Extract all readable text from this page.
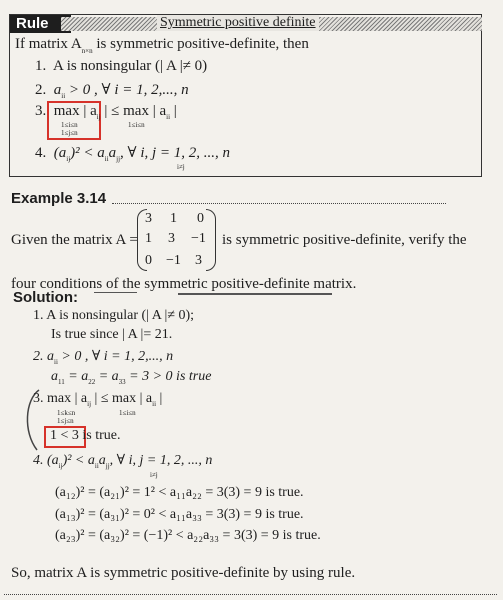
Rule	Symmetric positive definite
If matrix $A_{n\times n}$ is symmetric positive-definite, then
1. A is nonsingular (| A |≠ 0)
2. $a_{ii} > 0$ , ∀ i = 1, 2,..., n
3. max | $a_{ij}$ | ≤ max | $a_{ii}$ |
1≤i≤n
1≤j≤n
1≤i≤n
4. $(a_{ij})^2 < a_{ii}a_{jj}$, ∀ i, j = 1, 2, ..., n
i≠j
Example 3.14
Given the matrix A =
3 1 0
1 3 −1
0 −1 3
is symmetric positive-definite, verify the
four conditions of the symmetric positive-definite matrix.
Solution:
1. A is nonsingular (| A |≠ 0);
Is true since | A |= 21.
2. $a_{ii} > 0$ , ∀ i = 1, 2,..., n
$a_{11} = a_{22} = a_{33} = 3 > 0$ is true
3. max | $a_{ij}$ | ≤ max | $a_{ii}$ |
1≤k≤n
1≤j≤n
1≤i≤n
1 < 3 is true.
4. $(a_{ij})^2 < a_{ii}a_{jj}$, ∀ i, j = 1, 2, ..., n
i≠j
(a₁₂)² = (a₂₁)² = 1² < a₁₁a₂₂ = 3(3) = 9 is true.
(a₁₃)² = (a₃₁)² = 0² < a₁₁a₃₃ = 3(3) = 9 is true.
(a₂₃)² = (a₃₂)² = (−1)² < a₂₂a₃₃ = 3(3) = 9 is true.
So, matrix A is symmetric positive-definite by using rule.
